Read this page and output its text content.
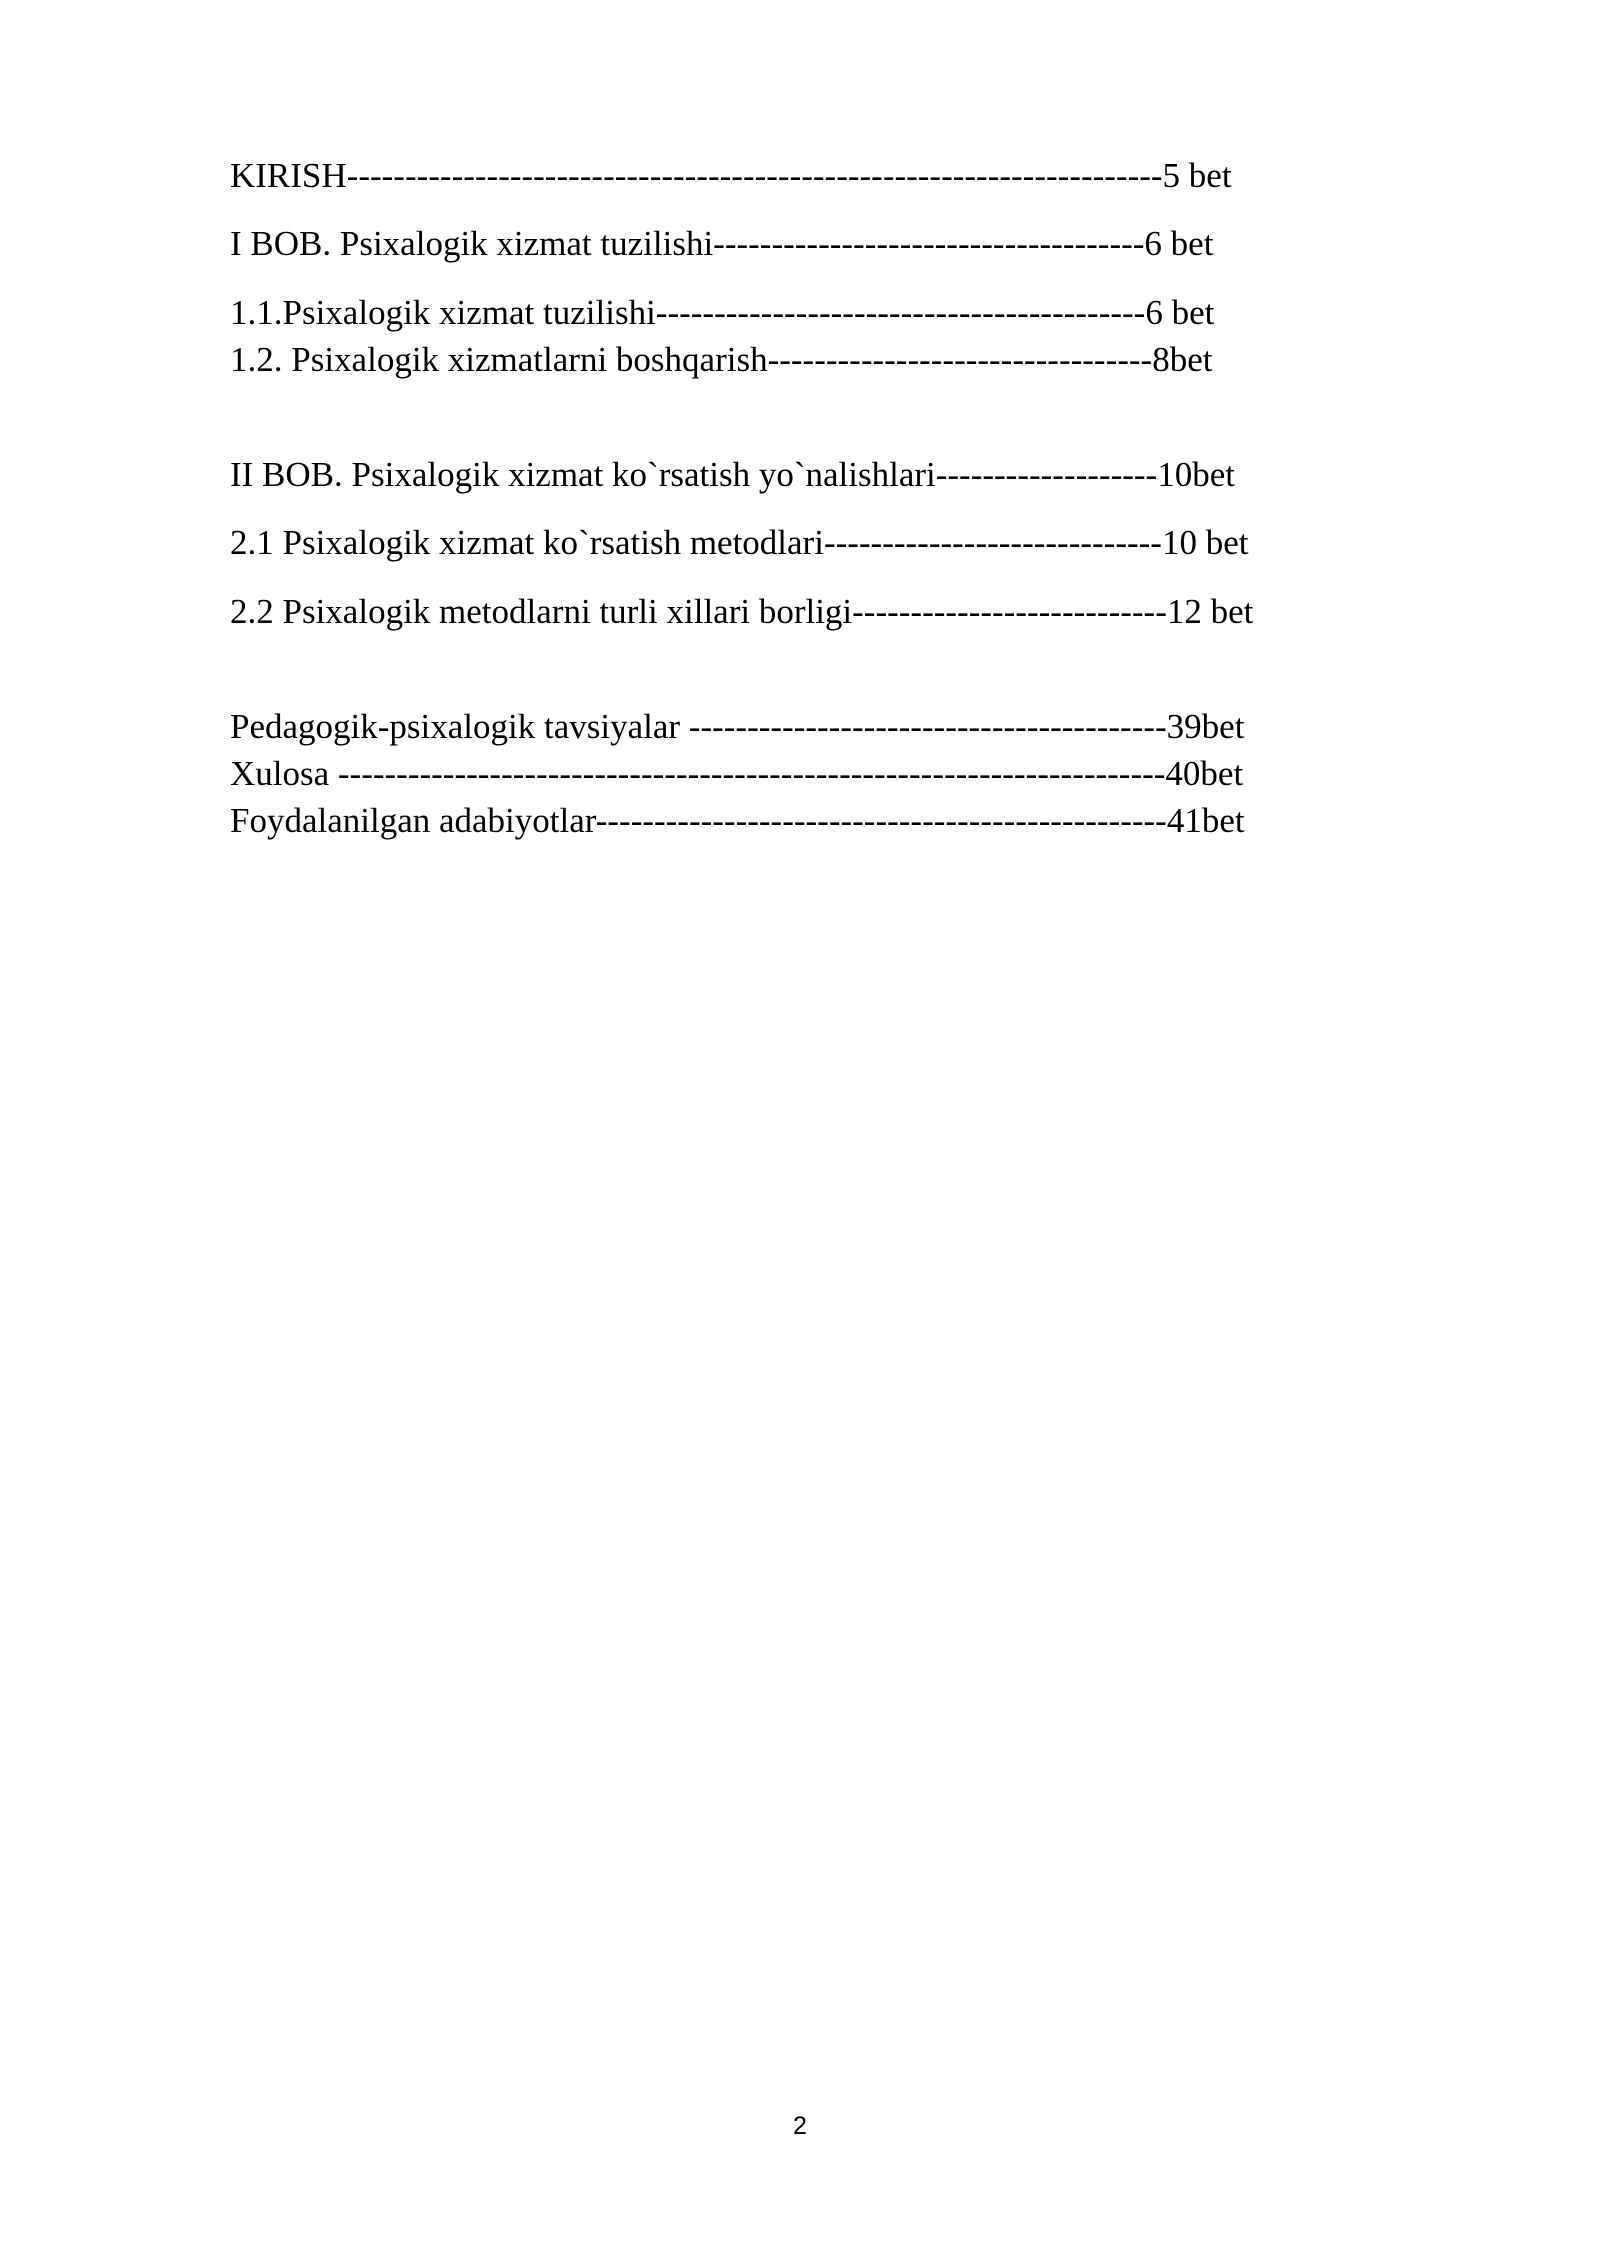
KIRISH----------------------------------------------------------------------5 bet

I BOB. Psixalogik xizmat tuzilishi-------------------------------------6 bet

1.1.Psixalogik xizmat tuzilishi------------------------------------------6 bet

1.2. Psixalogik xizmatlarni boshqarish---------------------------------8bet

II BOB. Psixalogik xizmat ko`rsatish yo`nalishlari-------------------10bet

2.1 Psixalogik xizmat ko`rsatish metodlari-----------------------------10 bet

2.2 Psixalogik metodlarni turli xillari borligi---------------------------12 bet

Pedagogik-psixalogik tavsiyalar -----------------------------------------39bet

Xulosa -----------------------------------------------------------------------40bet

Foydalanilgan adabiyotlar-------------------------------------------------41bet

2
